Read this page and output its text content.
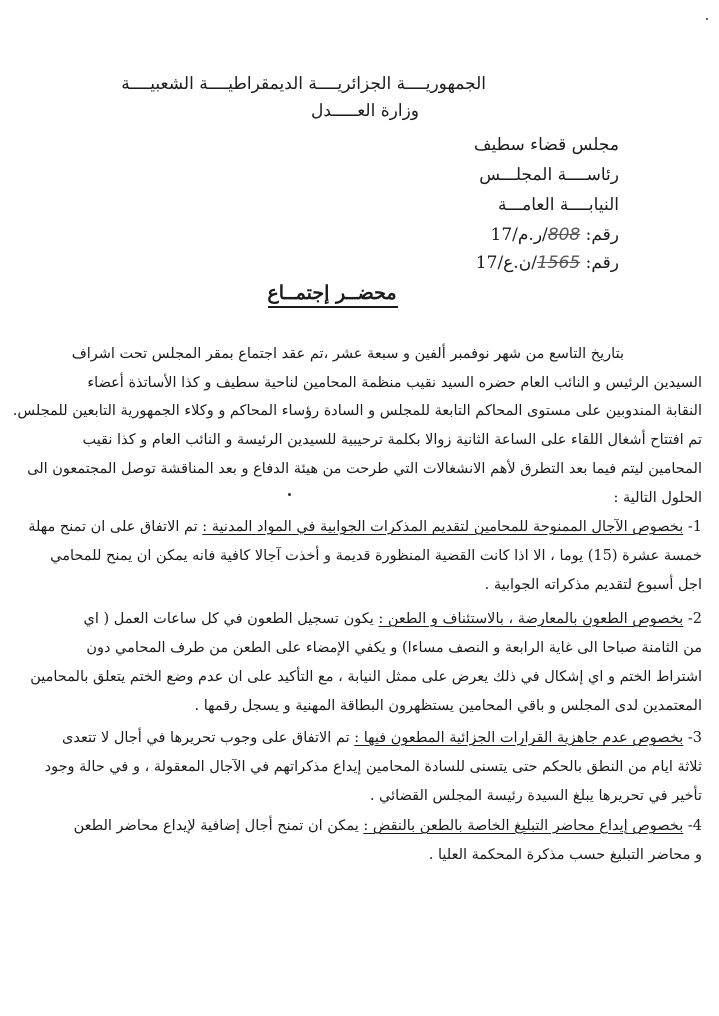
الجمهوريــــة الجزائريــــة الديمقراطيــــة الشعبيــــة
وزارة العـــــدل
مجلس قضاء سطيف
رئاســــة المجلـــس
النيابــــة العامـــة
رقم: 808/ر.م/17
رقم: 1565/ن.ع/17
محضــر إجتمــاع
بتاريخ التاسع من شهر نوفمبر ألفين و سبعة عشر ،تم عقد اجتماع بمقر المجلس تحت اشراف
السيدين الرئيس و النائب العام حضره السيد نقيب منظمة المحامين لناحية سطيف و كذا الأساتذة أعضاء
النقابة المندوبين على مستوى المحاكم التابعة للمجلس و السادة رؤساء المحاكم و وكلاء الجمهورية التابعين للمجلس.
تم افتتاح أشغال اللقاء على الساعة الثانية زوالا بكلمة ترحيبية للسيدين الرئيسة و النائب العام و كذا نقيب
المحامين ليتم فيما بعد التطرق لأهم الانشغالات التي طرحت من هيئة الدفاع و بعد المناقشة توصل المجتمعون الى
الحلول التالية :
1- بخصوص الآجال الممنوحة للمحامين لتقديم المذكرات الجوابية في المواد المدنية : تم الاتفاق على ان تمنح مهلة
خمسة عشرة (15) يوما ، الا اذا كانت القضية المنظورة قديمة و أخذت آجالا كافية فانه يمكن ان يمنح للمحامي
اجل أسبوع لتقديم مذكراته الجوابية .
2- بخصوص الطعون بالمعارضة ، بالاستئناف و الطعن : يكون تسجيل الطعون في كل ساعات العمل ( اي
من الثامنة صباحا الى غاية الرابعة و النصف مساءا) و يكفي الإمضاء على الطعن من طرف المحامي دون
اشتراط الختم و اي إشكال في ذلك يعرض على ممثل النيابة ، مع التأكيد على ان عدم وضع الختم يتعلق بالمحامين
المعتمدين لدى المجلس و باقي المحامين يستظهرون البطاقة المهنية و يسجل رقمها .
3- بخصوص عدم جاهزية القرارات الجزائية المطعون فيها : تم الاتفاق على وجوب تحريرها في أجال لا تتعدى
ثلاثة ايام من النطق بالحكم حتى يتسنى للسادة المحامين إيداع مذكراتهم في الآجال المعقولة ، و في حالة وجود
تأخير في تحريرها يبلغ السيدة رئيسة المجلس القضائي .
4- بخصوص إيداع محاضر التبليغ الخاصة بالطعن بالنقض : يمكن ان تمنح أجال إضافية لإيداع محاضر الطعن
و محاضر التبليغ حسب مذكرة المحكمة العليا .
